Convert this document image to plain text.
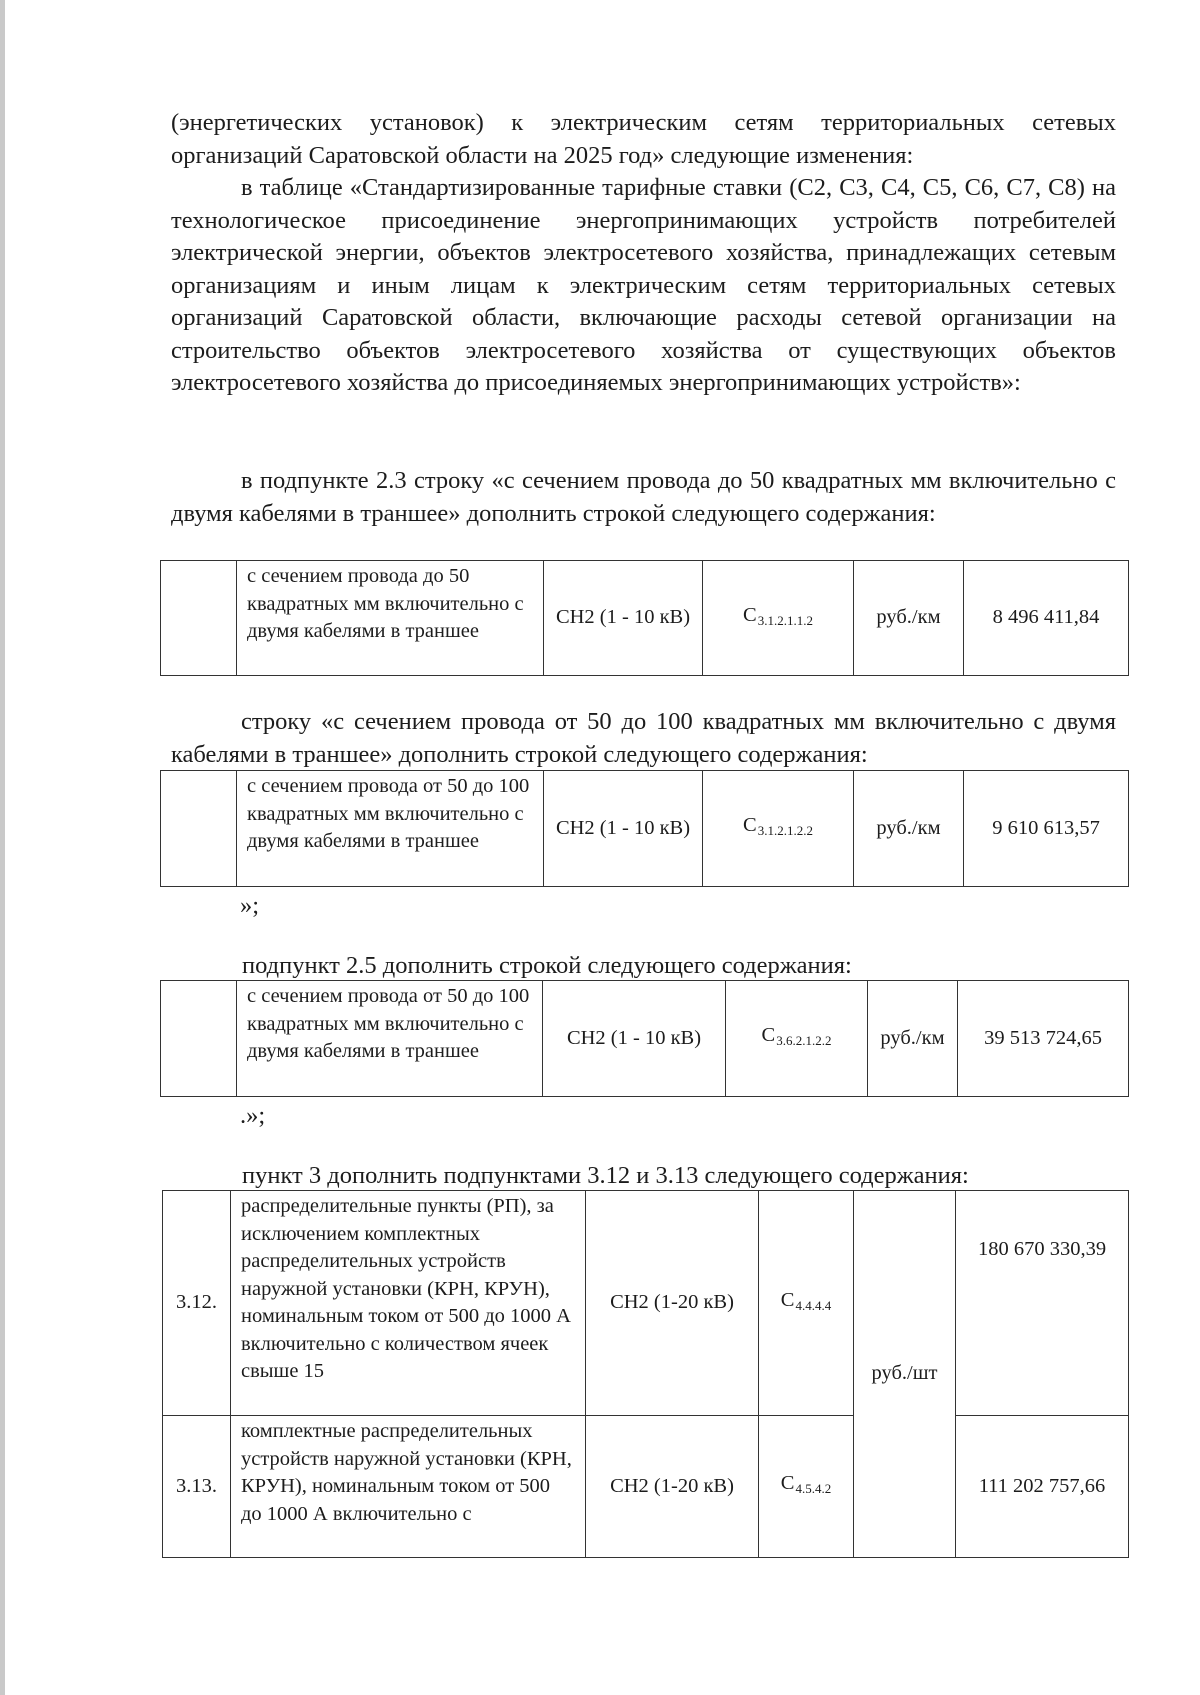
(энергетических установок) к электрическим сетям территориальных сетевых организаций Саратовской области на 2025 год» следующие изменения:

в таблице «Стандартизированные тарифные ставки (С2, С3, С4, С5, С6, С7, С8) на технологическое присоединение энергопринимающих устройств потребителей электрической энергии, объектов электросетевого хозяйства, принадлежащих сетевым организациям и иным лицам к электрическим сетям территориальных сетевых организаций Саратовской области, включающие расходы сетевой организации на строительство объектов электросетевого хозяйства от существующих объектов электросетевого хозяйства до присоединяемых энергопринимающих устройств»:

в подпункте 2.3 строку «с сечением провода до 50 квадратных мм включительно с двумя кабелями в траншее» дополнить строкой следующего содержания:

	с сечением провода до 50 квадратных мм включительно с двумя кабелями в траншее	СН2 (1 - 10 кВ)	$С_{3.1.2.1.1.2}$	руб./км	8 496 411,84

строку «с сечением провода от 50 до 100 квадратных мм включительно с двумя кабелями в траншее» дополнить строкой следующего содержания:

	с сечением провода от 50 до 100 квадратных мм включительно с двумя кабелями в траншее	СН2 (1 - 10 кВ)	$С_{3.1.2.1.2.2}$	руб./км	9 610 613,57

»;

подпункт 2.5 дополнить строкой следующего содержания:

	с сечением провода от 50 до 100 квадратных мм включительно с двумя кабелями в траншее	СН2 (1 - 10 кВ)	$С_{3.6.2.1.2.2}$	руб./км	39 513 724,65

.»;

пункт 3 дополнить подпунктами 3.12 и 3.13 следующего содержания:

3.12.	распределительные пункты (РП), за исключением комплектных распределительных устройств наружной установки (КРН, КРУН), номинальным током от 500 до 1000 А включительно с количеством ячеек свыше 15	СН2 (1-20 кВ)	$С_{4.4.4.4}$	руб./шт	180 670 330,39
3.13.	комплектные распределительных устройств наружной установки (КРН, КРУН), номинальным током от 500 до 1000 А включительно с	СН2 (1-20 кВ)	$С_{4.5.4.2}$		111 202 757,66
